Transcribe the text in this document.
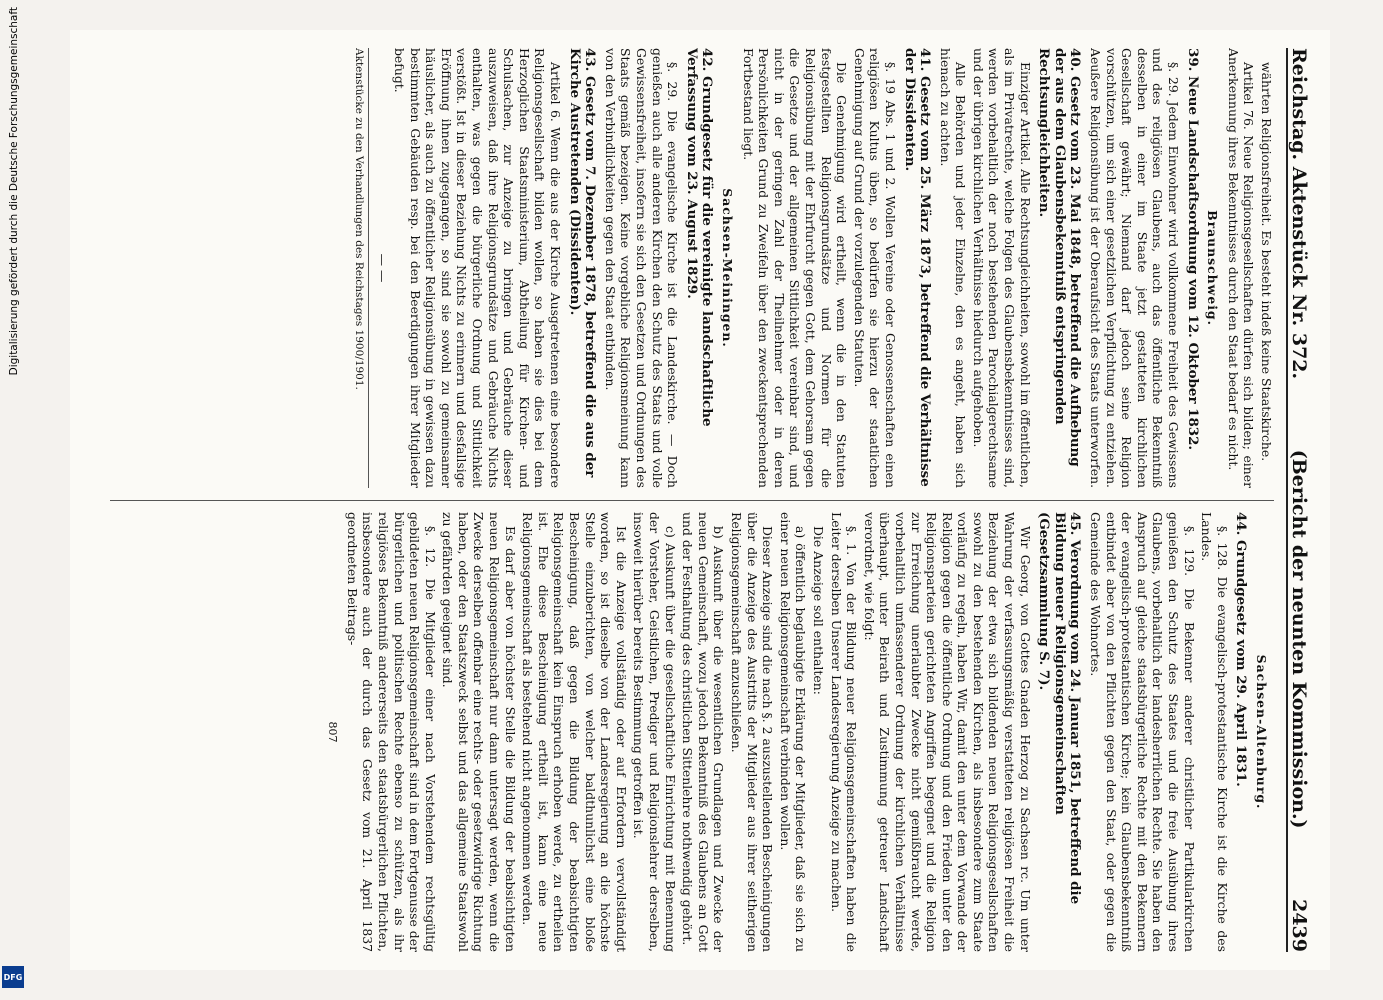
Digitalisierung gefördert durch die Deutsche Forschungsgemeinschaft
DFG
Reichstag. Aktenstück Nr. 372.
(Bericht der neunten Kommission.)
2439

währten Religionsfreiheit. Es besteht indeß keine Staatskirche.

Artikel 76. Neue Religionsgesellschaften dürfen sich bilden; einer Anerkennung ihres Bekenntnisses durch den Staat bedarf es nicht.

Braunschweig.

39. Neue Landschaftsordnung vom 12. Oktober 1832.

§. 29. Jedem Einwohner wird vollkommene Freiheit des Gewissens und des religiösen Glaubens, auch das öffentliche Bekenntniß desselben in einer im Staate jetzt gestatteten kirchlichen Gesellschaft gewährt; Niemand darf jedoch seine Religion vorschützen, um sich einer gesetzlichen Verpflichtung zu entziehen. Aeußere Religionsübung ist der Oberaufsicht des Staats unterworfen.

40. Gesetz vom 23. Mai 1848, betreffend die Aufhebung der aus dem Glaubensbekenntniß entspringenden Rechtsungleichheiten.

Einziger Artikel. Alle Rechtsungleichheiten, sowohl im öffentlichen, als im Privatrechte, welche Folgen des Glaubensbekenntnisses sind, werden vorbehaltlich der noch bestehenden Parochialgerechtsame und der übrigen kirchlichen Verhältnisse hiedurch aufgehoben.

Alle Behörden und jeder Einzelne, den es angeht, haben sich hienach zu achten.

41. Gesetz vom 25. März 1873, betreffend die Verhältnisse der Dissidenten.

§. 19 Abs. 1 und 2. Wollen Vereine oder Genossenschaften einen religiösen Kultus üben, so bedürfen sie hierzu der staatlichen Genehmigung auf Grund der vorzulegenden Statuten.

Die Genehmigung wird ertheilt, wenn die in den Statuten festgestellten Religionsgrundsätze und Normen für die Religionsübung mit der Ehrfurcht gegen Gott, dem Gehorsam gegen die Gesetze und der allgemeinen Sittlichkeit vereinbar sind, und nicht in der geringen Zahl der Theilnehmer oder in deren Persönlichkeiten Grund zu Zweifeln über den zweckentsprechenden Fortbestand liegt.

Sachsen-Meiningen.

42. Grundgesetz für die vereinigte landschaftliche Verfassung vom 23. August 1829.

§. 29. Die evangelische Kirche ist die Landeskirche. — Doch genießen auch alle anderen Kirchen den Schutz des Staats und volle Gewissensfreiheit, insofern sie sich den Gesetzen und Ordnungen des Staats gemäß bezeigen. Keine vorgebliche Religionsmeinung kann von den Verbindlichkeiten gegen den Staat entbinden.

43. Gesetz vom 7. Dezember 1878, betreffend die aus der Kirche Austretenden (Dissidenten).

Artikel 6. Wenn die aus der Kirche Ausgetretenen eine besondere Religionsgesellschaft bilden wollen, so haben sie dies bei dem Herzoglichen Staatsministerium, Abtheilung für Kirchen- und Schulsachen, zur Anzeige zu bringen und Gebräuche dieser auszuweisen, daß ihre Religionsgrundsätze und Gebräuche Nichts enthalten, was gegen die bürgerliche Ordnung und Sittlichkeit verstößt. Ist in dieser Beziehung Nichts zu erinnern und desfallsige Eröffnung ihnen zugegangen, so sind sie sowohl zu gemeinsamer häuslicher, als auch zu öffentlicher Religionsübung in gewissen dazu bestimmten Gebäuden resp. bei den Beerdigungen ihrer Mitglieder befugt.

— —

Aktenstücke zu den Verhandlungen des Reichstages 1900/1901.

Sachsen-Altenburg.

44. Grundgesetz vom 29. April 1831.

§. 128. Die evangelisch-protestantische Kirche ist die Kirche des Landes.

§. 129. Die Bekenner anderer christlicher Partikularkirchen genießen den Schutz des Staates und die freie Ausübung ihres Glaubens, vorbehaltlich der landesherrlichen Rechte. Sie haben den Anspruch auf gleiche staatsbürgerliche Rechte mit den Bekennern der evangelisch-protestantischen Kirche; kein Glaubensbekenntniß entbindet aber von den Pflichten gegen den Staat, oder gegen die Gemeinde des Wohnortes.

45. Verordnung vom 24. Januar 1851, betreffend die Bildung neuer Religionsgemeinschaften (Gesetzsammlung S. 7).

Wir Georg, von Gottes Gnaden Herzog zu Sachsen rc. Um unter Wahrung der verfassungsmäßig verstatteten religiösen Freiheit die Beziehung der etwa sich bildenden neuen Religionsgesellschaften sowohl zu den bestehenden Kirchen, als insbesondere zum Staate vorläufig zu regeln, haben Wir, damit den unter dem Vorwande der Religion gegen die öffentliche Ordnung und den Frieden unter den Religionsparteien gerichteten Angriffen begegnet und die Religion zur Erreichung unerlaubter Zwecke nicht gemißbraucht werde, vorbehaltlich umfassenderer Ordnung der kirchlichen Verhältnisse überhaupt, unter Beirath und Zustimmung getreuer Landschaft verordnet, wie folgt:

§. 1. Von der Bildung neuer Religionsgemeinschaften haben die Leiter derselben Unserer Landesregierung Anzeige zu machen.

Die Anzeige soll enthalten:

a) öffentlich beglaubigte Erklärung der Mitglieder, daß sie sich zu einer neuen Religionsgemeinschaft verbinden wollen.

Dieser Anzeige sind die nach §. 2 auszustellenden Bescheinigungen über die Anzeige des Austritts der Mitglieder aus ihrer seitherigen Religionsgemeinschaft anzuschließen.

b) Auskunft über die wesentlichen Grundlagen und Zwecke der neuen Gemeinschaft, wozu jedoch Bekenntniß des Glaubens an Gott und der Festhaltung des christlichen Sittenlehre nothwendig gehört.

c) Auskunft über die gesellschaftliche Einrichtung mit Benennung der Vorsteher, Geistlichen, Prediger und Religionslehrer derselben, insoweit hierüber bereits Bestimmung getroffen ist.

Ist die Anzeige vollständig oder auf Erfordern vervollständigt worden, so ist dieselbe von der Landesregierung an die höchste Stelle einzuberichten, von welcher baldthunlichst eine bloße Bescheinigung, daß gegen die Bildung der beabsichtigten Religionsgemeinschaft kein Einspruch erhoben werde, zu ertheilen ist. Ehe diese Bescheinigung ertheilt ist, kann eine neue Religionsgemeinschaft als bestehend nicht angenommen werden.

Es darf aber von höchster Stelle die Bildung der beabsichtigten neuen Religionsgemeinschaft nur dann untersagt werden, wenn die Zwecke derselben offenbar eine rechts- oder gesetzwidrige Richtung haben, oder den Staatszweck selbst und das allgemeine Staatswohl zu gefährden geeignet sind.

§. 12. Die Mitglieder einer nach Vorstehendem rechtsgültig gebildeten neuen Religionsgemeinschaft sind in dem Fortgenusse der bürgerlichen und politischen Rechte ebenso zu schützen, als ihr religiöses Bekenntniß andererseits den staatsbürgerlichen Pflichten, insbesondere auch der durch das Gesetz vom 21. April 1837 geordneten Beitrags-

807
